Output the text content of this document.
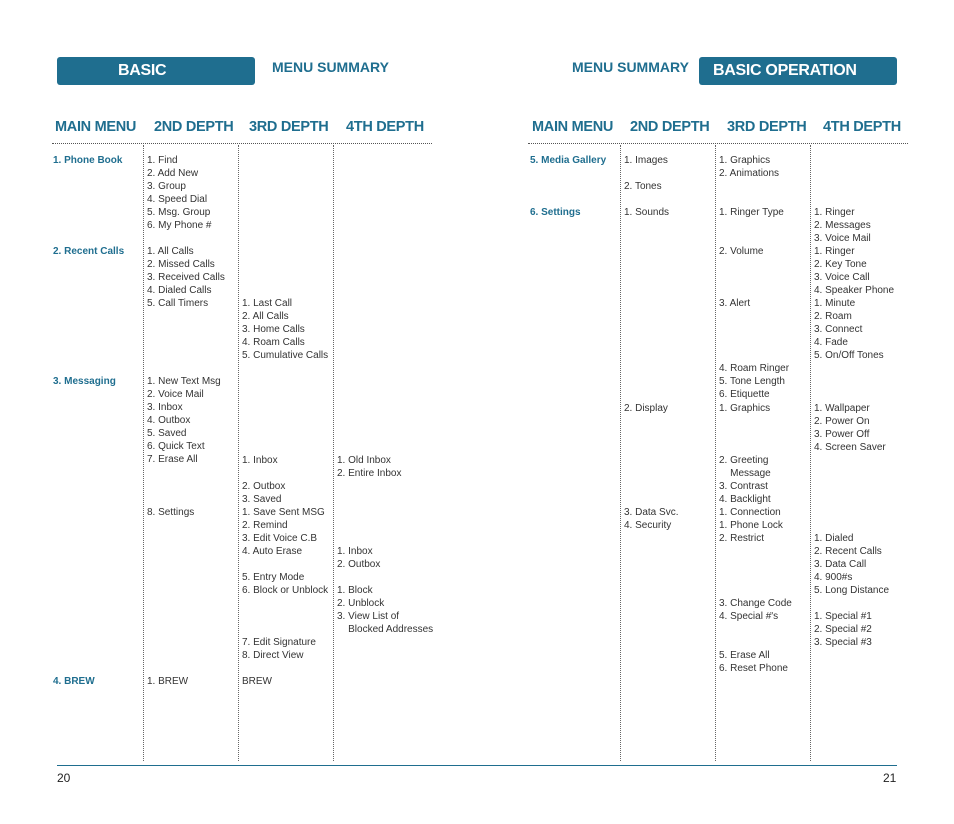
BASIC OPERATION
MENU SUMMARY
MAIN MENU 2ND DEPTH 3RD DEPTH 4TH DEPTH
1. Phone Book
2. Recent Calls
3. Messaging
4. BREW
1. Find
2. Add New
3. Group
4. Speed Dial
5. Msg. Group
6. My Phone #
1. All Calls
2. Missed Calls
3. Received Calls
4. Dialed Calls
5. Call Timers
1. New Text Msg
2. Voice Mail
3. Inbox
4. Outbox
5. Saved
6. Quick Text
7. Erase All
8. Settings
1. BREW
1. Last Call
2. All Calls
3. Home Calls
4. Roam Calls
5. Cumulative Calls
1. Inbox
2. Outbox
3. Saved
1. Save Sent MSG
2. Remind
3. Edit Voice C.B
4. Auto Erase
5. Entry Mode
6. Block or Unblock
7. Edit Signature
8. Direct View
BREW
1. Old Inbox
2. Entire Inbox
1. Inbox
2. Outbox
1. Block
2. Unblock
3. View List of
Blocked Addresses
20
MENU SUMMARY	BASIC OPERATION
MAIN MENU 2ND DEPTH 3RD DEPTH 4TH DEPTH
5. Media Gallery
6. Settings
1. Images
2. Tones
1. Sounds
2. Display
3. Data Svc.
4. Security
1. Graphics
2. Animations
1. Ringer Type
2. Volume
3. Alert
4. Roam Ringer
5. Tone Length
6. Etiquette
1. Graphics
2. Greeting
Message
3. Contrast
4. Backlight
1. Connection
1. Phone Lock
2. Restrict
3. Change Code
4. Special #'s
5. Erase All
6. Reset Phone
1. Ringer
2. Messages
3. Voice Mail
1. Ringer
2. Key Tone
3. Voice Call
4. Speaker Phone
1. Minute
2. Roam
3. Connect
4. Fade
5. On/Off Tones
1. Wallpaper
2. Power On
3. Power Off
4. Screen Saver
1. Dialed
2. Recent Calls
3. Data Call
4. 900#s
5. Long Distance
1. Special #1
2. Special #2
3. Special #3
21
